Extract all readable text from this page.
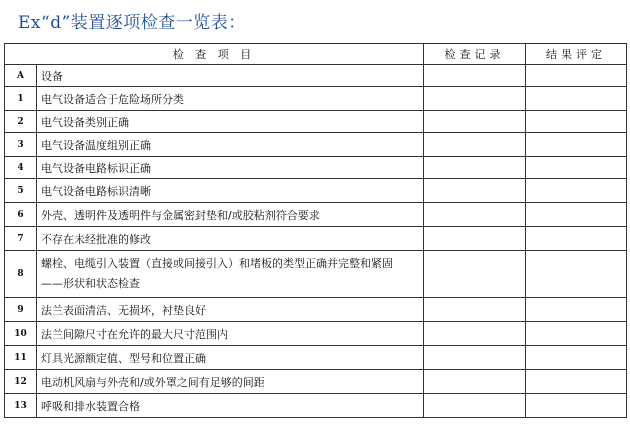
Ex“d”装置逐项检查一览表：
检 查 项 目		检查记录	结果评定
A	设备		
1	电气设备适合于危险场所分类		
2	电气设备类别正确		
3	电气设备温度组别正确		
4	电气设备电路标识正确		
5	电气设备电路标识清晰		
6	外壳、透明件及透明件与金属密封垫和/或胶粘剂符合要求		
7	不存在未经批准的修改		
8	螺栓、电缆引入装置（直接或间接引入）和堵板的类型正确并完整和紧固
——形状和状态检查		

9	法兰表面清洁、无损坏，衬垫良好		
10	法兰间隙尺寸在允许的最大尺寸范围内		
11	灯具光源额定值、型号和位置正确		
12	电动机风扇与外壳和/或外罩之间有足够的间距		
13	呼吸和排水装置合格		
